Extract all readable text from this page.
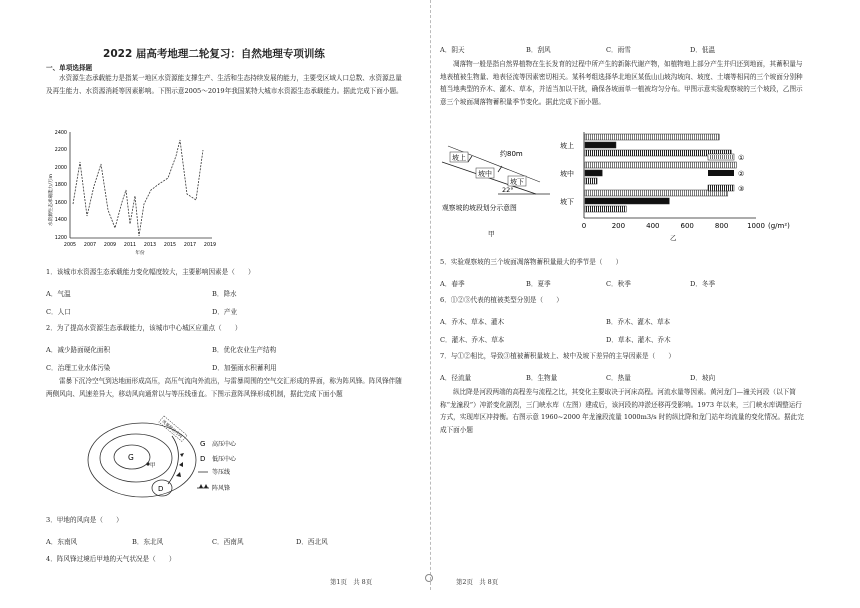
2022 届高考地理二轮复习：自然地理专项训练
一、单项选择题
水资源生态承载能力是指某一地区水资源能支撑生产、生活和生态持续发展的能力，主要受区域人口总数、水资源总量及再生能力、水资源消耗等因素影响。下图示意2005～2019年我国某特大城市水资源生态承载能力。据此完成下面小题。
2400
2200
2000
1800
1600
1400
1200
水资源生态承载能力/万m
2005 2007 2009 2011 2013 2015 2017 2019
年份
1．该城市水资源生态承载能力变化幅度较大，主要影响因素是（　　）
A．气温	B．降水
C．人口	D．产业
2．为了提高水资源生态承载能力，该城市中心城区应重点（　　）
A．减少路面硬化面积	B．优化农业生产结构
C．治理工业水体污染	D．加强雨水积蓄利用
雷暴下沉冷空气到达地面形成高压，高压气流向外流出，与雷暴周围的空气交汇形成的界面，称为阵风锋。阵风锋伴随两侧风向、风速差异大，移动风向通常以与等压线垂直。下图示意阵风锋形成机制，据此完成下面小题
G
D
甲
风暴移动方向
G 高压中心
D 低压中心
等压线
阵风锋
3．甲地的风向是（　　）
A．东南风	B．东北风	C．西南风	D．西北风
4．阵风锋过境后甲地的天气状况是（　　）
第1页　共 8页
A．阴天	B．刮风	C．雨雪	D．低温
凋落物一般是指自然界植物在生长发育的过程中所产生的新陈代谢产物，如植物地上部分产生并归还到地面，其蓄积量与地表植被生物量、地表径流等因素密切相关。某科考组选择华北地区某低山山坡沟坡向、坡度、土壤等相同的三个坡面分别种植当地典型的乔木、灌木、草本，并适当加以干扰，确保各坡面单一植被均匀分布。甲图示意实验观察坡的三个坡段，乙图示意三个坡面凋落物蓄积量季节变化。据此完成下面小题。
坡上
坡中
坡下
约80m
22°
观察坡的坡段划分示意图
甲
坡上
坡中
坡下
0	200	400	600	800	1000 (g/m²)
乙
①
②
③
5．实验观察坡的三个坡面凋落物蓄积量最大的季节是（　　）
A．春季	B．夏季	C．秋季	D．冬季
6．①②③代表的植被类型分别是（　　）
A．乔木、草本、灌木	B．乔木、灌木、草本
C．灌木、乔木、草本	D．草本、灌木、乔木
7．与①②相比，导致③植被蓄积量坡上、坡中及坡下差异的主导因素是（　　）
A．径流量	B．生物量	C．热量	D．坡向
纵比降是河段两端的高程差与流程之比，其变化主要取决于河床高程。河流水量等因素。黄河龙门—潼关河段（以下简称“龙潼段”）冲淤变化剧烈，三门峡水库（左图）建成后，该河段的冲淤还移再受影响。1973 年以来，三门峡水库调整运行方式，实现库区冲持衡。右图示意 1960~2000 年龙潼段流量 1000m3/s 时的纵比降和龙门站年均流量的变化情况。据此完成下面小题
第2页　共 8页
